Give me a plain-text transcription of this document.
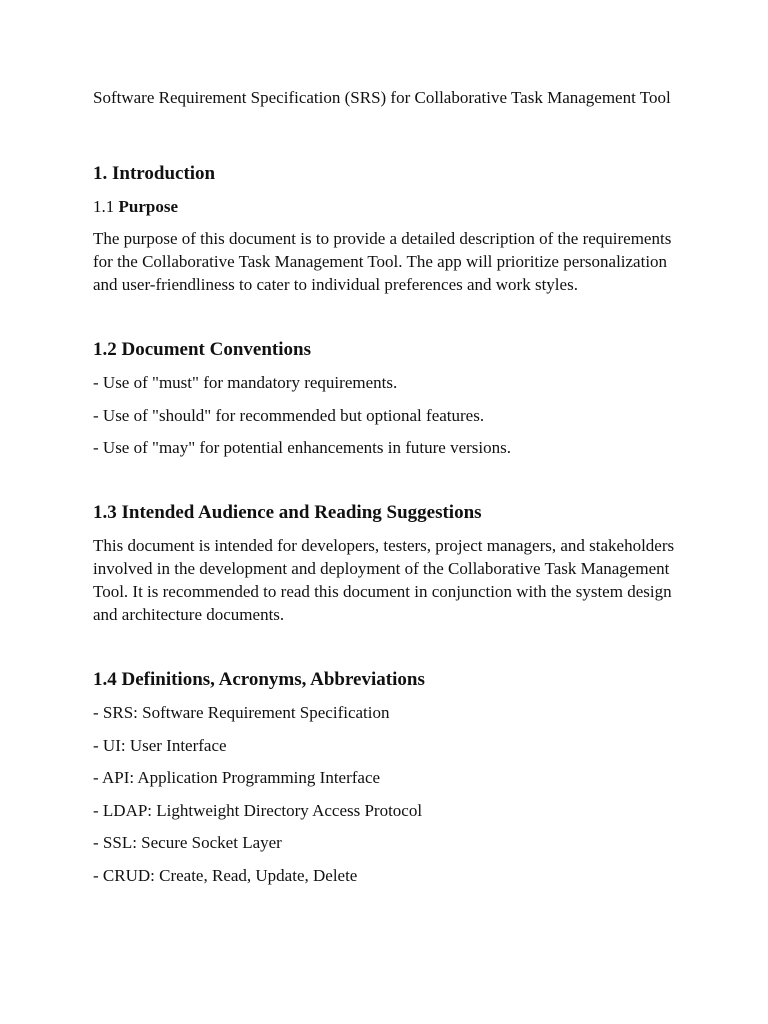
Software Requirement Specification (SRS) for Collaborative Task Management Tool

1. Introduction

1.1 Purpose

The purpose of this document is to provide a detailed description of the requirements for the Collaborative Task Management Tool. The app will prioritize personalization and user-friendliness to cater to individual preferences and work styles.

1.2 Document Conventions
- Use of "must" for mandatory requirements.
- Use of "should" for recommended but optional features.
- Use of "may" for potential enhancements in future versions.
1.3 Intended Audience and Reading Suggestions

This document is intended for developers, testers, project managers, and stakeholders involved in the development and deployment of the Collaborative Task Management Tool. It is recommended to read this document in conjunction with the system design and architecture documents.

1.4 Definitions, Acronyms, Abbreviations
- SRS: Software Requirement Specification
- UI: User Interface
- API: Application Programming Interface
- LDAP: Lightweight Directory Access Protocol
- SSL: Secure Socket Layer
- CRUD: Create, Read, Update, Delete
